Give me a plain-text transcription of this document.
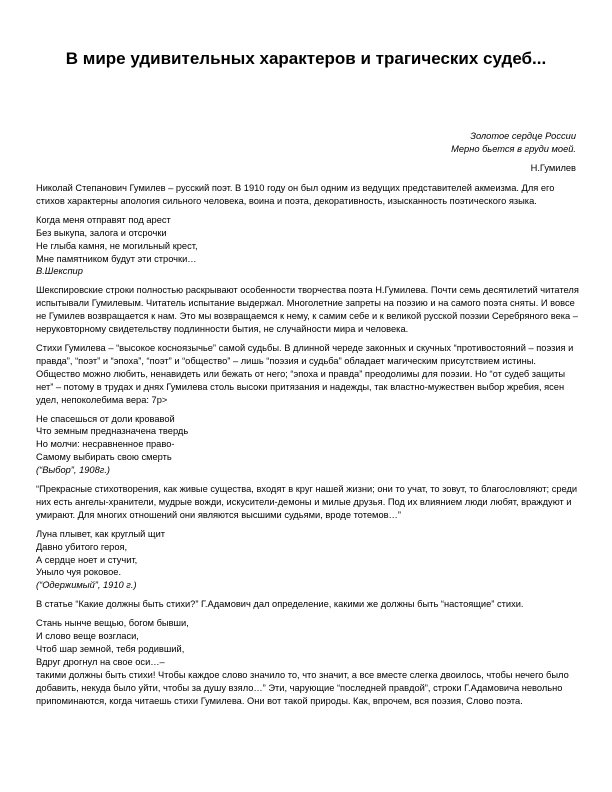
В мире удивительных характеров и трагических судеб...
Золотое сердце России
Мерно бьется в груди моей.
Н.Гумилев

Николай Степанович Гумилев – русский поэт. В 1910 году он был одним из ведущих представителей акмеизма. Для его стихов характерны апология сильного человека, воина и поэта, декоративность, изысканность поэтического языка.

Когда меня отправят под арест
Без выкупа, залога и отсрочки
Не глыба камня, не могильный крест,
Мне памятником будут эти строчки…
В.Шекспир

Шекспировские строки полностью раскрывают особенности творчества поэта Н.Гумилева. Почти семь десятилетий читателя испытывали Гумилевым. Читатель испытание выдержал. Многолетние запреты на поэзию и на самого поэта сняты. И вовсе не Гумилев возвращается к нам. Это мы возвращаемся к нему, к самим себе и к великой русской поэзии Серебряного века – неруковторному свидетельству подлинности бытия, не случайности мира и человека.

Стихи Гумилева – “высокое косноязычье” самой судьбы. В длинной череде законных и скучных “противостояний – поэзия и правда”, “поэт” и “эпоха”, “поэт” и “общество” – лишь “поэзия и судьба” обладает магическим присутствием истины. Общество можно любить, ненавидеть или бежать от него; “эпоха и правда” преодолимы для поэзии. Но “от судеб защиты нет” – потому в трудах и днях Гумилева столь высоки притязания и надежды, так властно-мужествен выбор жребия, ясен удел, непоколебима вера: 7р>

Не спасешься от доли кровавой
Что земным предназначена твердь
Но молчи: несравненное право-
Самому выбирать свою смерть
(“Выбор”, 1908г.)

“Прекрасные стихотворения, как живые существа, входят в круг нашей жизни; они то учат, то зовут, то благословляют; среди них есть ангелы-хранители, мудрые вожди, искусители-демоны и милые друзья. Под их влиянием люди любят, враждуют и умирают. Для многих отношений они являются высшими судьями, вроде тотемов…”

Луна плывет, как круглый щит
Давно убитого героя,
А сердце ноет и стучит,
Уныло чуя роковое.
(“Одержимый”, 1910 г.)

В статье “Какие должны быть стихи?” Г.Адамович дал определение, какими же должны быть “настоящие” стихи.

Стань нынче вещью, богом бывши,
И слово веще возгласи,
Чтоб шар земной, тебя родивший,
Вдруг дрогнул на свое оси…–

такими должны быть стихи! Чтобы каждое слово значило то, что значит, а все вместе слегка двоилось, чтобы нечего было добавить, некуда было уйти, чтобы за душу взяло…” Эти, чарующие “последней правдой”, строки Г.Адамовича невольно припоминаются, когда читаешь стихи Гумилева. Они вот такой природы. Как, впрочем, вся поэзия, Слово поэта.
